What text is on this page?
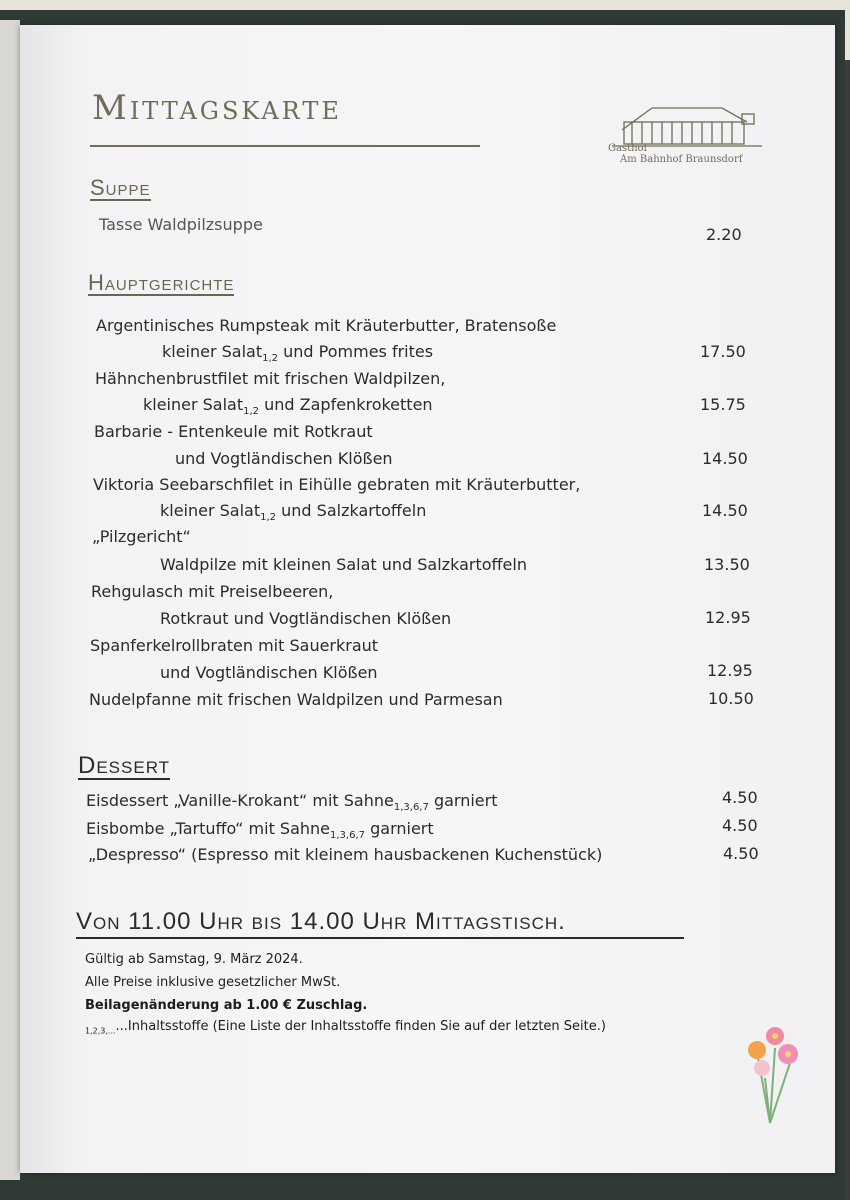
Mittagskarte
Gasthof
Am Bahnhof Braunsdorf
Suppe
Tasse Waldpilzsuppe
2.20
Hauptgerichte
Argentinisches Rumpsteak mit Kräuterbutter, Bratensoße
kleiner Salat$_{1,2}$ und Pommes frites	17.50
Hähnchenbrustfilet mit frischen Waldpilzen,
kleiner Salat$_{1,2}$ und Zapfenkroketten	15.75
Barbarie - Entenkeule mit Rotkraut
und Vogtländischen Klößen	14.50
Viktoria Seebarschfilet in Eihülle gebraten mit Kräuterbutter,
kleiner Salat$_{1,2}$ und Salzkartoffeln	14.50
„Pilzgericht“
Waldpilze mit kleinen Salat und Salzkartoffeln	13.50
Rehgulasch mit Preiselbeeren,
Rotkraut und Vogtländischen Klößen	12.95
Spanferkelrollbraten mit Sauerkraut
und Vogtländischen Klößen	12.95
Nudelpfanne mit frischen Waldpilzen und Parmesan	10.50
Dessert
Eisdessert „Vanille-Krokant“ mit Sahne$_{1,3,6,7}$ garniert	4.50
Eisbombe „Tartuffo“ mit Sahne$_{1,3,6,7}$ garniert	4.50
„Despresso“ (Espresso mit kleinem hausbackenen Kuchenstück)	4.50
Von 11.00 Uhr bis 14.00 Uhr Mittagstisch.
Gültig ab Samstag, 9. März 2024.
Alle Preise inklusive gesetzlicher MwSt.
Beilagenänderung ab 1.00 € Zuschlag.
$_{1,2,3,...}$...Inhaltsstoffe (Eine Liste der Inhaltsstoffe finden Sie auf der letzten Seite.)
